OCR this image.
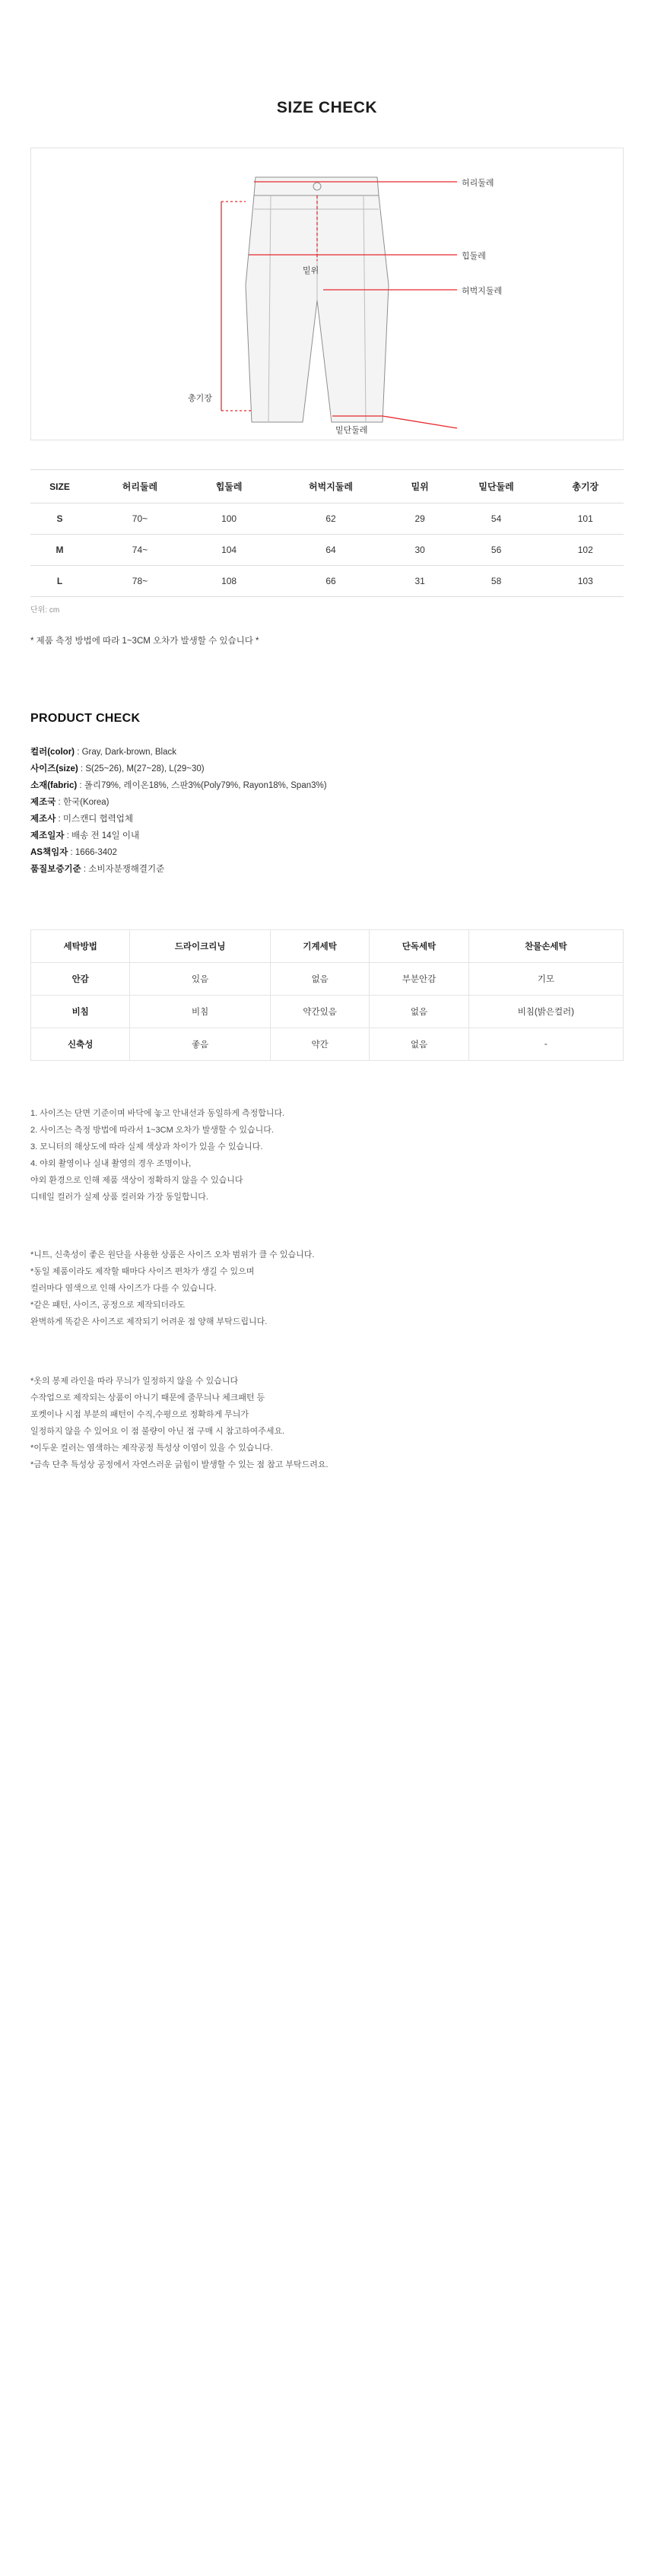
SIZE CHECK
허리둘레
밑위
힙둘레
허벅지둘레
총기장
밑단둘레
SIZE	허리둘레	힙둘레	허벅지둘레	밑위	밑단둘레	총기장
S	70~	100	62	29	54	101
M	74~	104	64	30	56	102
L	78~	108	66	31	58	103
단위: cm
* 제품 측정 방법에 따라 1~3CM 오차가 발생할 수 있습니다 *
PRODUCT CHECK
컬러(color) : Gray, Dark-brown, Black
사이즈(size) : S(25~26), M(27~28), L(29~30)
소재(fabric) : 폴리79%, 레이온18%, 스판3%(Poly79%, Rayon18%, Span3%)
제조국 : 한국(Korea)
제조사 : 미스캔디 협력업체
제조일자 : 배송 전 14일 이내
AS책임자 : 1666-3402
품질보증기준 : 소비자분쟁해결기준
세탁방법	드라이크리닝	기계세탁	단독세탁	찬물손세탁
안감	있음	없음	부분안감	기모
비침	비침	약간있음	없음	비침(밝은컬러)
신축성	좋음	약간	없음	-

1. 사이즈는 단면 기준이며 바닥에 놓고 안내선과 동일하게 측정합니다.

2. 사이즈는 측정 방법에 따라서 1~3CM 오차가 발생할 수 있습니다.

3. 모니터의 해상도에 따라 실제 색상과 차이가 있을 수 있습니다.

4. 야외 촬영이나 실내 촬영의 경우 조명이나,

야외 환경으로 인해 제품 색상이 정확하지 않을 수 있습니다

디테일 컬러가 실제 상품 컬러와 가장 동일합니다.

*니트, 신축성이 좋은 원단을 사용한 상품은 사이즈 오차 범위가 클 수 있습니다.

*동일 제품이라도 제작할 때마다 사이즈 편차가 생길 수 있으며

컬러마다 염색으로 인해 사이즈가 다를 수 있습니다.

*같은 패턴, 사이즈, 공정으로 제작되더라도

완벽하게 똑같은 사이즈로 제작되기 어려운 점 양해 부탁드립니다.

*옷의 봉제 라인을 따라 무늬가 일정하지 않을 수 있습니다

수작업으로 제작되는 상품이 아니기 때문에 줄무늬나 체크패턴 등

포켓이나 시접 부분의 패턴이 수직,수평으로 정확하게 무늬가

일정하지 않을 수 있어요 이 점 불량이 아닌 점 구매 시 참고하여주세요.

*이두운 컬러는 염색하는 제작공정 특성상 이염이 있을 수 있습니다.

*금속 단추 특성상 공정에서 자연스러운 긁힘이 발생할 수 있는 점 참고 부탁드려요.
